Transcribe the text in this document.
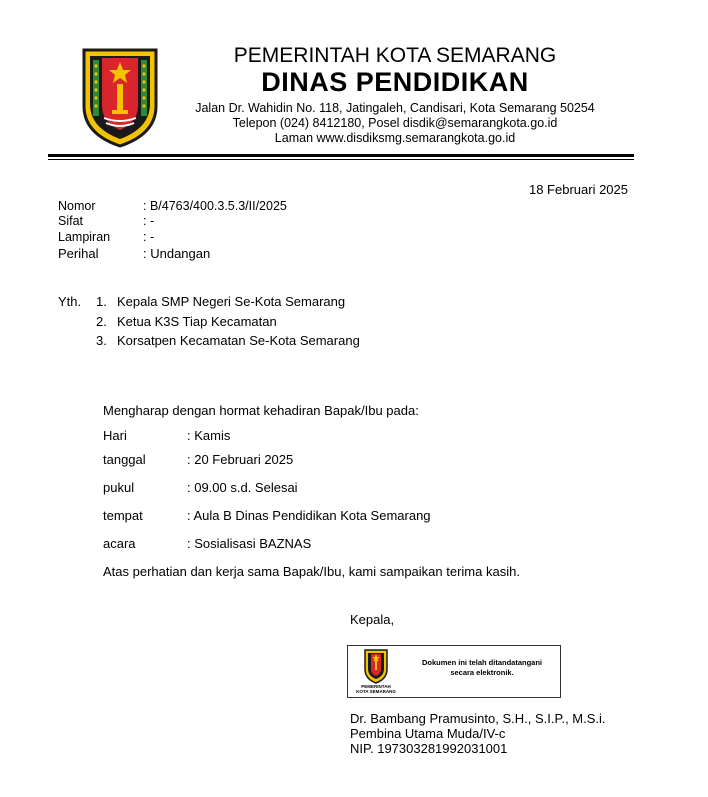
PEMERINTAH KOTA SEMARANG
DINAS PENDIDIKAN
Jalan Dr. Wahidin No. 118, Jatingaleh, Candisari, Kota Semarang 50254
Telepon (024) 8412180, Posel disdik@semarangkota.go.id
Laman www.disdiksmg.semarangkota.go.id
18 Februari 2025
Nomor	: B/4763/400.3.5.3/II/2025
Sifat	: -
Lampiran	: -
Perihal	: Undangan
Yth. 1. Kepala SMP Negeri Se-Kota Semarang
2. Ketua K3S Tiap Kecamatan
3. Korsatpen Kecamatan Se-Kota Semarang
Mengharap dengan hormat kehadiran Bapak/Ibu pada:
Hari	: Kamis
tanggal	: 20 Februari 2025
pukul	: 09.00 s.d. Selesai
tempat	: Aula B Dinas Pendidikan Kota Semarang
acara	: Sosialisasi BAZNAS
Atas perhatian dan kerja sama Bapak/Ibu, kami sampaikan terima kasih.
Kepala,
PEMERINTAH
KOTA SEMARANG
Dokumen ini telah ditandatangani
secara elektronik.
Dr. Bambang Pramusinto, S.H., S.I.P., M.S.i.
Pembina Utama Muda/IV-c
NIP. 197303281992031001
